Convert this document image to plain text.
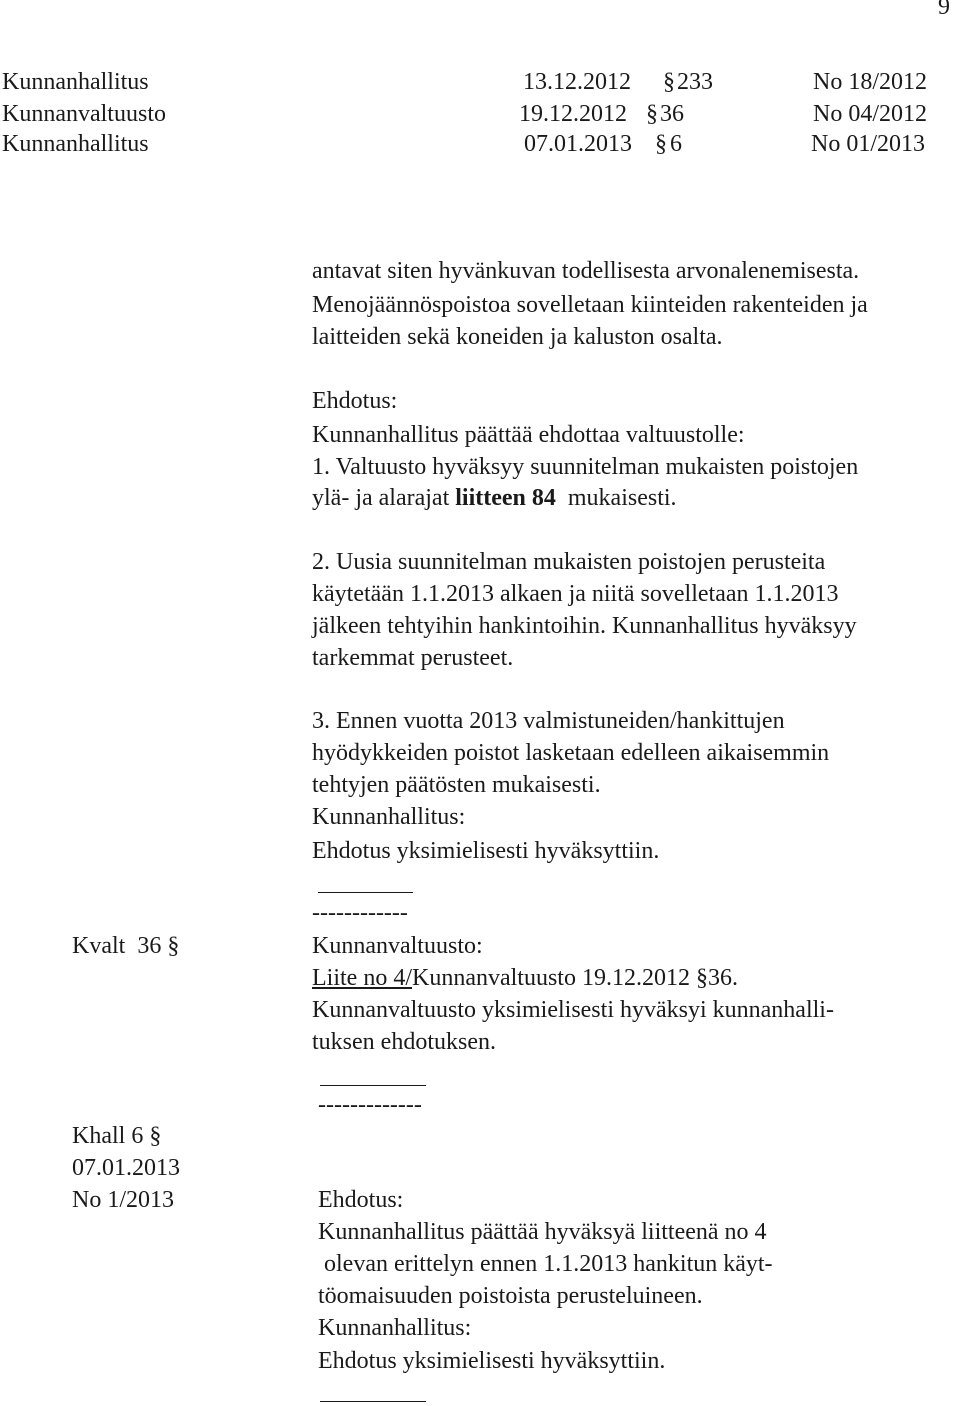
9
Kunnanhallitus	13.12.2012 § 233	No 18/2012
Kunnanvaltuusto	19.12.2012 § 36	No 04/2012
Kunnanhallitus	07.01.2013 § 6	No 01/2013
antavat siten hyvänkuvan todellisesta arvonalenemisesta.
Menojäännöspoistoa sovelletaan kiinteiden rakenteiden ja
laitteiden sekä koneiden ja kaluston osalta.
Ehdotus:
Kunnanhallitus päättää ehdottaa valtuustolle:
1. Valtuusto hyväksyy suunnitelman mukaisten poistojen
ylä- ja alarajat liitteen 84  mukaisesti.
2. Uusia suunnitelman mukaisten poistojen perusteita
käytetään 1.1.2013 alkaen ja niitä sovelletaan 1.1.2013
jälkeen tehtyihin hankintoihin. Kunnanhallitus hyväksyy
tarkemmat perusteet.
3. Ennen vuotta 2013 valmistuneiden/hankittujen
hyödykkeiden poistot lasketaan edelleen aikaisemmin
tehtyjen päätösten mukaisesti.
Kunnanhallitus:
Ehdotus yksimielisesti hyväksyttiin.
------------
Kvalt  36 §	Kunnanvaltuusto:
Liite no 4/Kunnanvaltuusto 19.12.2012 §36.
Kunnanvaltuusto yksimielisesti hyväksyi kunnanhalli-
tuksen ehdotuksen.
-------------
Khall 6 §
07.01.2013
No 1/2013	Ehdotus:
Kunnanhallitus päättää hyväksyä liitteenä no 4
olevan erittelyn ennen 1.1.2013 hankitun käyt-
töomaisuuden poistoista perusteluineen.
Kunnanhallitus:
Ehdotus yksimielisesti hyväksyttiin.
